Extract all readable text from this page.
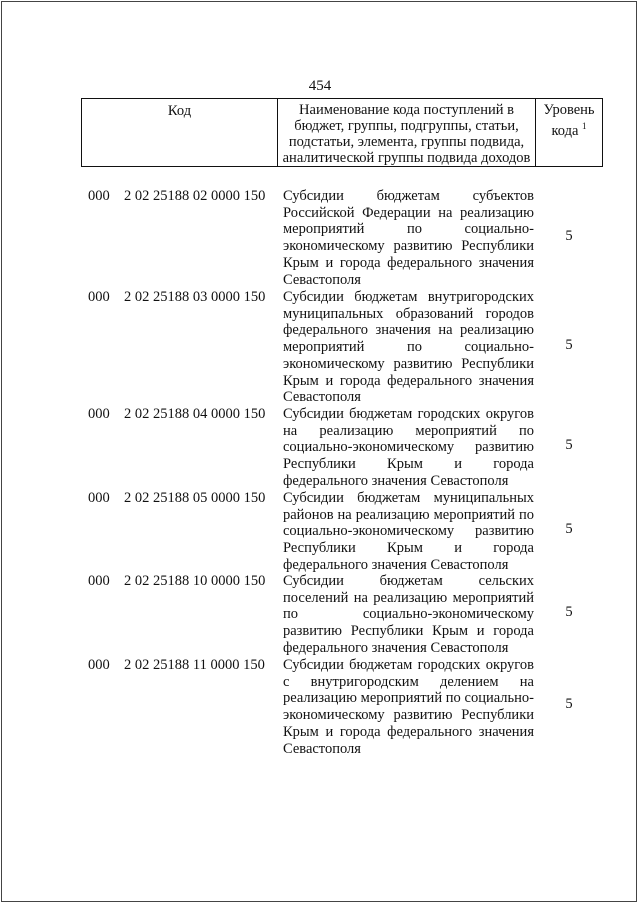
454
Код	Наименование кода поступлений в бюджет, группы, подгруппы, статьи, подстатьи, элемента, группы подвида, аналитической группы подвида доходов
Уровень кода $^1$
000 2 02 25188 02 0000 150 Субсидии бюджетам субъектов Российской Федерации на реализацию мероприятий по социально-экономическому развитию Республики Крым и города федерального значения Севастополя
5
000 2 02 25188 03 0000 150 Субсидии бюджетам внутригородских муниципальных образований городов федерального значения на реализацию мероприятий по социально-экономическому развитию Республики Крым и города федерального значения Севастополя
5
000 2 02 25188 04 0000 150 Субсидии бюджетам городских округов на реализацию мероприятий по социально-экономическому развитию Республики Крым и города федерального значения Севастополя
5
000 2 02 25188 05 0000 150 Субсидии бюджетам муниципальных районов на реализацию мероприятий по социально-экономическому развитию Республики Крым и города федерального значения Севастополя
5
000 2 02 25188 10 0000 150 Субсидии бюджетам сельских поселений на реализацию мероприятий по социально-экономическому развитию Республики Крым и города федерального значения Севастополя
5
000 2 02 25188 11 0000 150 Субсидии бюджетам городских округов с внутригородским делением на реализацию мероприятий по социально-экономическому развитию Республики Крым и города федерального значения Севастополя
5
